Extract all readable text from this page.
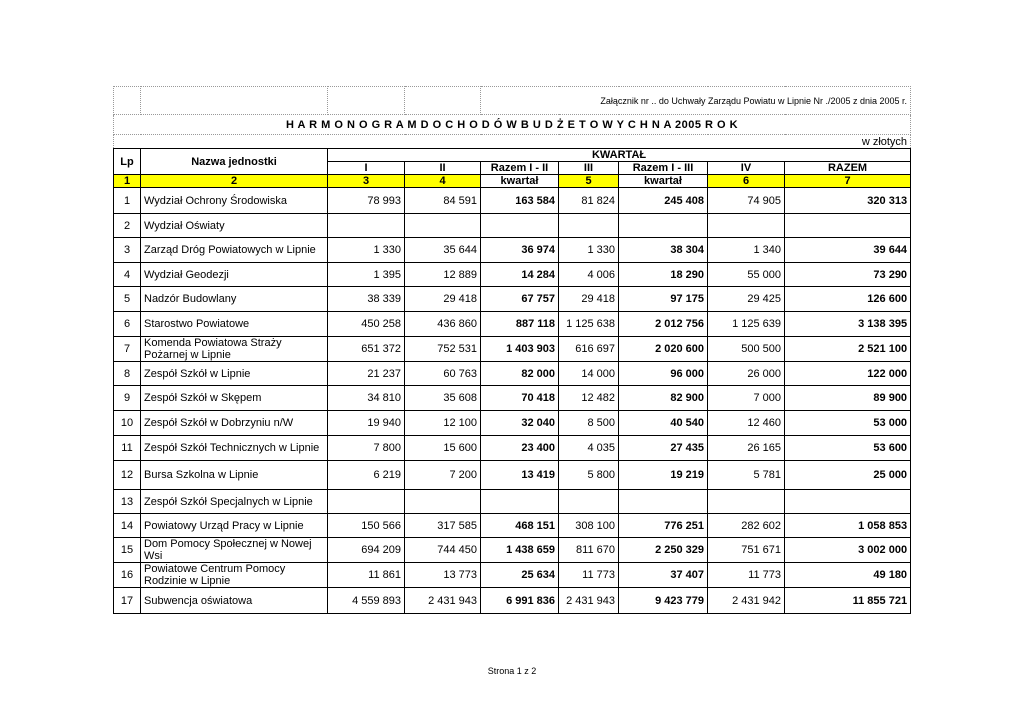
				Załącznik nr .. do Uchwały Zarządu Powiatu w Lipnie Nr ./2005 z dnia 2005 r.				
H A R M O N O G R A M D O C H O D Ó W B U D Ż E T O W Y C H N A 2005 R O K								
w złotych								
Lp	Nazwa jednostki	KWARTAŁ						
		I	II	Razem I - II	III	Razem I - III	IV	RAZEM
1	2	3	4	kwartał	5	kwartał	6	7
1	Wydział Ochrony Środowiska	78 993	84 591	163 584	81 824	245 408	74 905	320 313
2	Wydział Oświaty							
3	Zarząd Dróg Powiatowych w Lipnie	1 330	35 644	36 974	1 330	38 304	1 340	39 644
4	Wydział Geodezji	1 395	12 889	14 284	4 006	18 290	55 000	73 290
5	Nadzór Budowlany	38 339	29 418	67 757	29 418	97 175	29 425	126 600
6	Starostwo Powiatowe	450 258	436 860	887 118	1 125 638	2 012 756	1 125 639	3 138 395
7	Komenda Powiatowa Straży Pożarnej w Lipnie	651 372	752 531	1 403 903	616 697	2 020 600	500 500	2 521 100
8	Zespół Szkół w Lipnie	21 237	60 763	82 000	14 000	96 000	26 000	122 000
9	Zespół Szkół w Skępem	34 810	35 608	70 418	12 482	82 900	7 000	89 900
10	Zespół Szkół w Dobrzyniu n/W	19 940	12 100	32 040	8 500	40 540	12 460	53 000
11	Zespół Szkół Technicznych w Lipnie	7 800	15 600	23 400	4 035	27 435	26 165	53 600
12	Bursa Szkolna w Lipnie	6 219	7 200	13 419	5 800	19 219	5 781	25 000
13	Zespół Szkół Specjalnych w Lipnie							
14	Powiatowy Urząd Pracy w Lipnie	150 566	317 585	468 151	308 100	776 251	282 602	1 058 853
15	Dom Pomocy Społecznej w Nowej Wsi	694 209	744 450	1 438 659	811 670	2 250 329	751 671	3 002 000
16	Powiatowe Centrum Pomocy Rodzinie w Lipnie	11 861	13 773	25 634	11 773	37 407	11 773	49 180
17	Subwencja oświatowa	4 559 893	2 431 943	6 991 836	2 431 943	9 423 779	2 431 942	11 855 721
Strona 1 z 2
